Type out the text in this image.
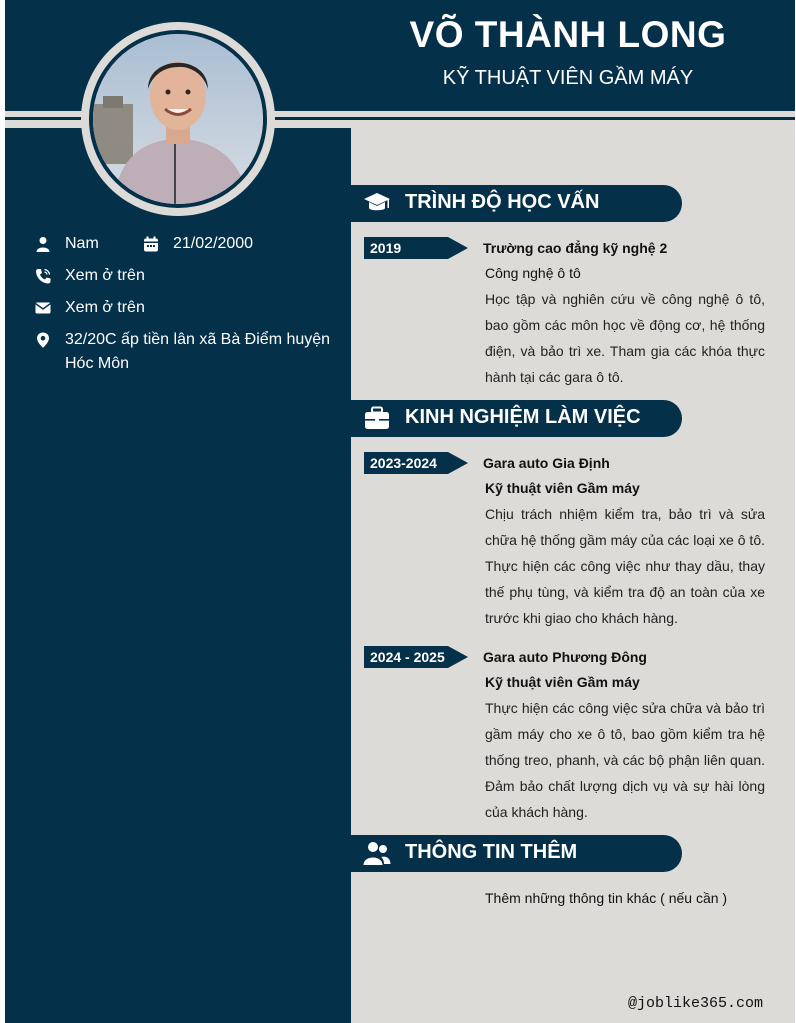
VÕ THÀNH LONG
KỸ THUẬT VIÊN GẦM MÁY
Nam	21/02/2000
Xem ở trên
Xem ở trên
32/20C ấp tiền lân xã Bà Điểm huyện
Hóc Môn
TRÌNH ĐỘ HỌC VẤN
2019	Trường cao đẳng kỹ nghệ 2
Công nghệ ô tô
Học tập và nghiên cứu về công nghệ ô tô, bao gồm các môn học về động cơ, hệ thống điện, và bảo trì xe. Tham gia các khóa thực hành tại các gara ô tô.
KINH NGHIỆM LÀM VIỆC
2023-2024	Gara auto Gia Định
Kỹ thuật viên Gầm máy
Chịu trách nhiệm kiểm tra, bảo trì và sửa chữa hệ thống gầm máy của các loại xe ô tô. Thực hiện các công việc như thay dầu, thay thế phụ tùng, và kiểm tra độ an toàn của xe trước khi giao cho khách hàng.
2024 - 2025	Gara auto Phương Đông
Kỹ thuật viên Gầm máy
Thực hiện các công việc sửa chữa và bảo trì gầm máy cho xe ô tô, bao gồm kiểm tra hệ thống treo, phanh, và các bộ phận liên quan. Đảm bảo chất lượng dịch vụ và sự hài lòng của khách hàng.
THÔNG TIN THÊM
Thêm những thông tin khác ( nếu cần )
@joblike365.com
